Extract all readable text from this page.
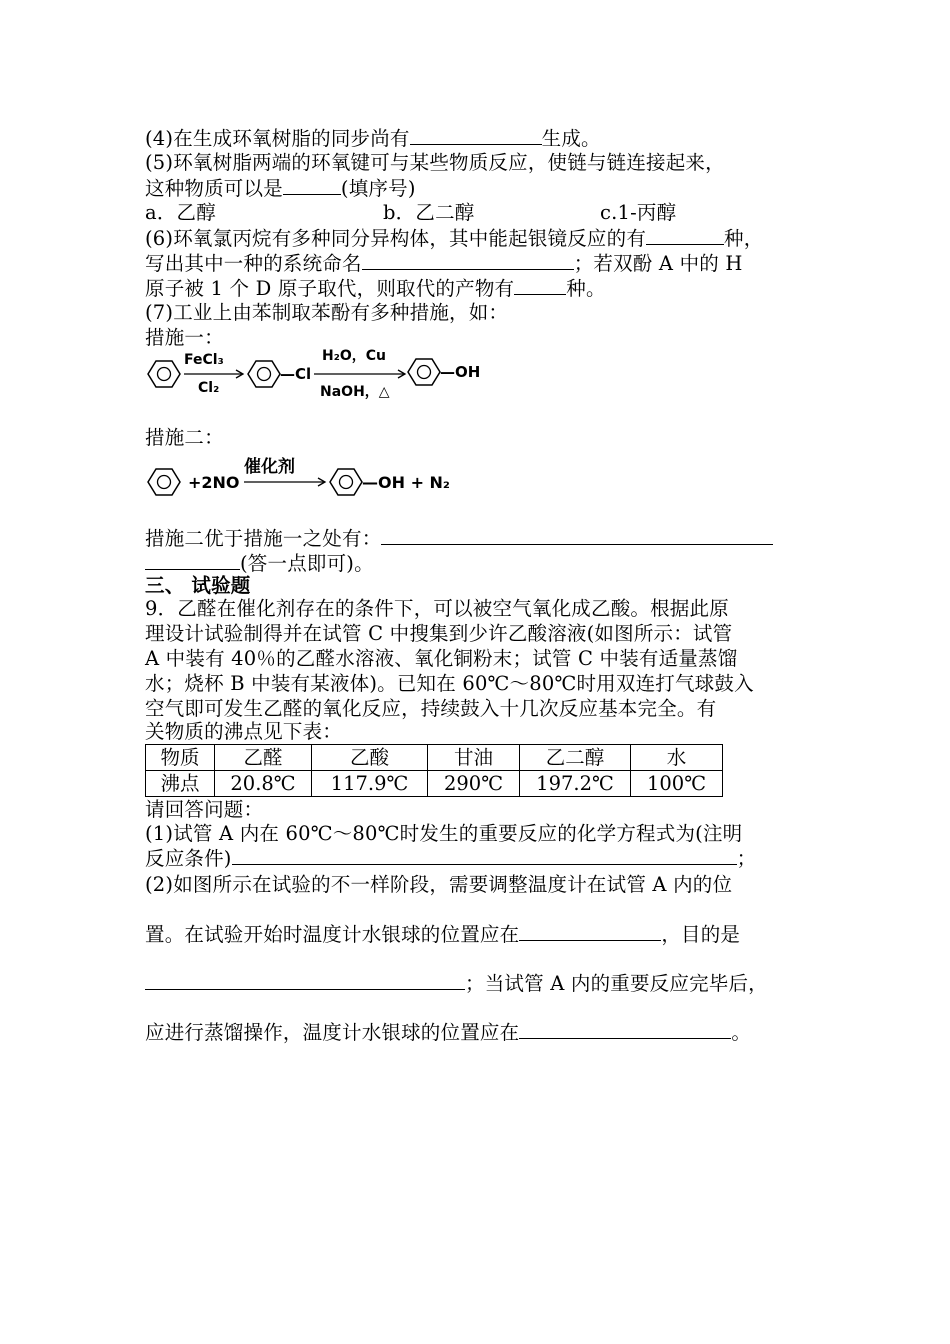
(4)在生成环氧树脂的同步尚有	生成。
(5)环氧树脂两端的环氧键可与某些物质反应，使链与链连接起来，
这种物质可以是	(填序号)
a．乙醇	b．乙二醇	c.1-丙醇
(6)环氧氯丙烷有多种同分异构体，其中能起银镜反应的有	种，
写出其中一种的系统命名	；若双酚 A 中的 H
原子被 1 个 D 原子取代，则取代的产物有	种。
(7)工业上由苯制取苯酚有多种措施，如：
措施一：
FeCl₃
Cl₂
—Cl
H₂O，Cu
NaOH，△
—OH
措施二：
+2NO
催化剂
—OH + N₂
措施二优于措施一之处有：
(答一点即可)。
三、 试验题
9．乙醛在催化剂存在的条件下，可以被空气氧化成乙酸。根据此原
理设计试验制得并在试管 C 中搜集到少许乙酸溶液(如图所示：试管
A 中装有 40％的乙醛水溶液、氧化铜粉末；试管 C 中装有适量蒸馏
水；烧杯 B 中装有某液体)。已知在 60℃～80℃时用双连打气球鼓入
空气即可发生乙醛的氧化反应，持续鼓入十几次反应基本完全。有
关物质的沸点见下表：
物质	乙醛	乙酸	甘油	乙二醇	水
沸点	20.8℃	117.9℃	290℃	197.2℃	100℃
请回答问题：
(1)试管 A 内在 60℃～80℃时发生的重要反应的化学方程式为(注明
反应条件)	；
(2)如图所示在试验的不一样阶段，需要调整温度计在试管 A 内的位
置。在试验开始时温度计水银球的位置应在	，目的是
；当试管 A 内的重要反应完毕后，
应进行蒸馏操作，温度计水银球的位置应在	。
